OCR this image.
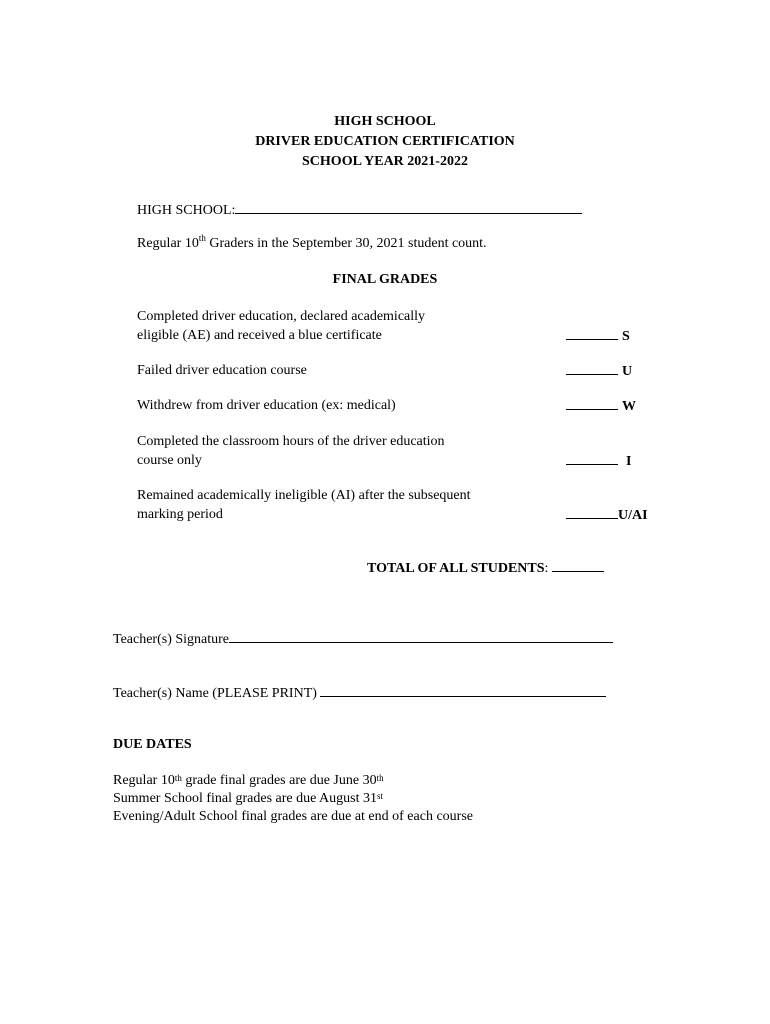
HIGH SCHOOL
DRIVER EDUCATION CERTIFICATION
SCHOOL YEAR 2021-2022
HIGH SCHOOL:
Regular 10th Graders in the September 30, 2021 student count.
FINAL GRADES
Completed driver education, declared academically
eligible (AE) and received a blue certificate	S
Failed driver education course	U
Withdrew from driver education (ex: medical)	W
Completed the classroom hours of the driver education
course only	I
Remained academically ineligible (AI) after the subsequent
marking period	U/AI
TOTAL OF ALL STUDENTS:
Teacher(s) Signature
Teacher(s) Name (PLEASE PRINT)
DUE DATES
Regular 10th grade final grades are due June 30th
Summer School final grades are due August 31st
Evening/Adult School final grades are due at end of each course
